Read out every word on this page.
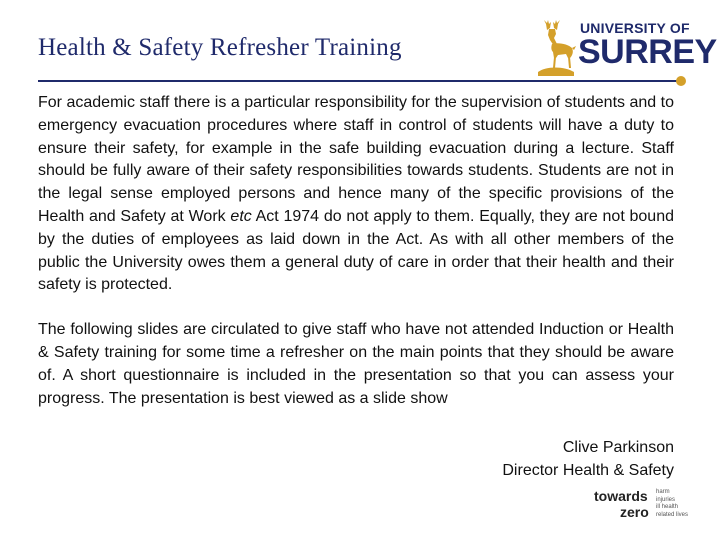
Health & Safety Refresher Training
UNIVERSITY OF
SURREY

For academic staff there is a particular responsibility for the supervision of students and to emergency evacuation procedures where staff in control of students will have a duty to ensure their safety, for example in the safe building evacuation during a lecture. Staff should be fully aware of their safety responsibilities towards students. Students are not in the legal sense employed persons and hence many of the specific provisions of the Health and Safety at Work etc Act 1974 do not apply to them. Equally, they are not bound by the duties of employees as laid down in the Act. As with all other members of the public the University owes them a general duty of care in order that their health and their safety is protected.

The following slides are circulated to give staff who have not attended Induction or Health & Safety training for some time a refresher on the main points that they should be aware of. A short questionnaire is included in the presentation so that you can assess your progress. The presentation is best viewed as a slide show

Clive Parkinson
Director Health & Safety
towards
zero
harm
injuries
ill health
related lives
